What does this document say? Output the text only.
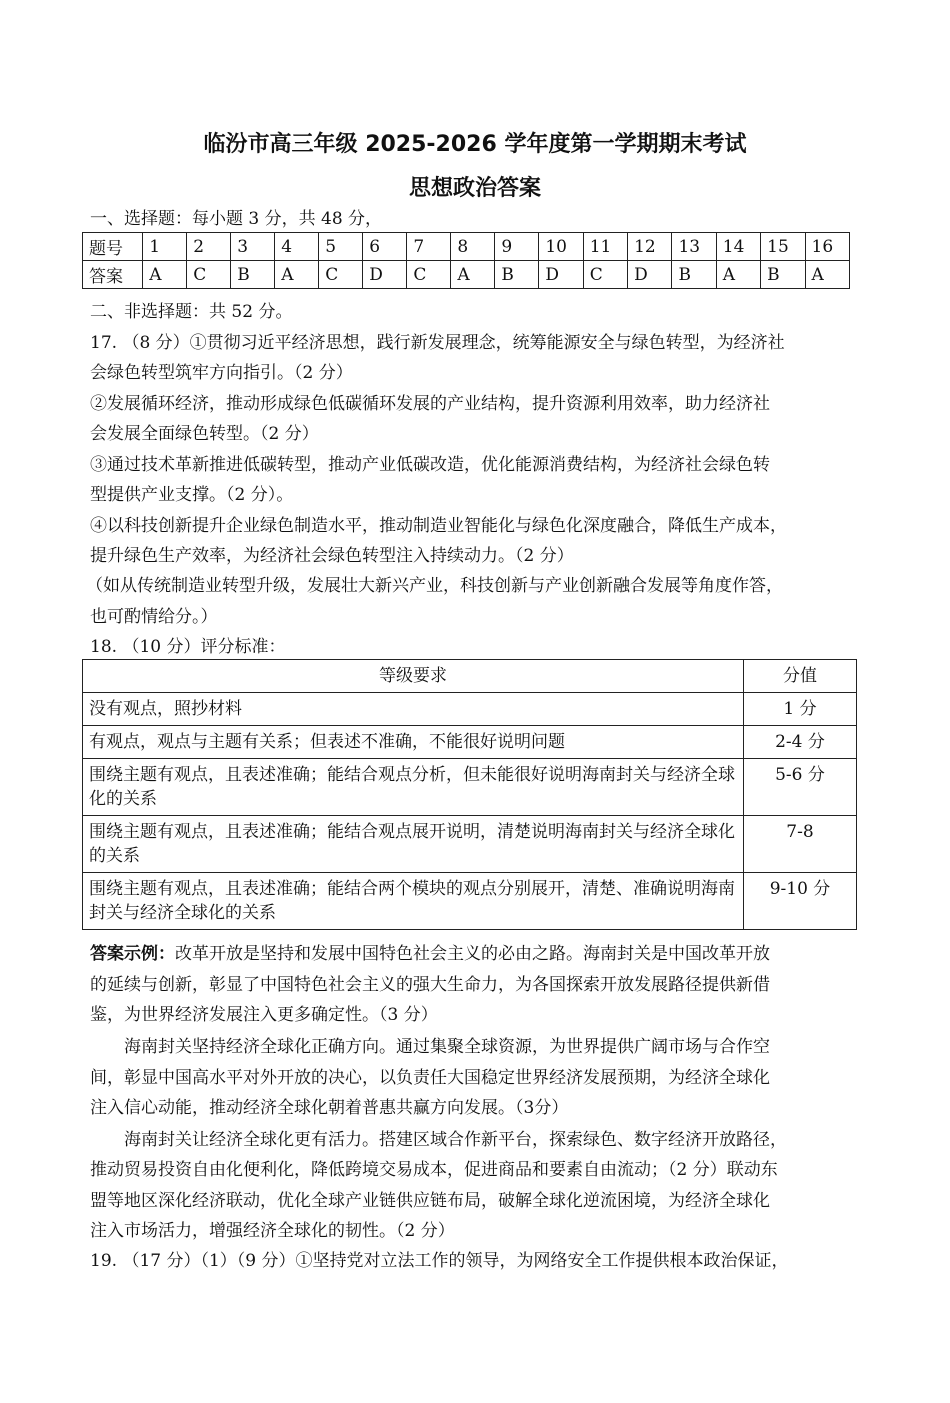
临汾市高三年级 2025-2026 学年度第一学期期末考试
思想政治答案
一、选择题：每小题 3 分，共 48 分，
题号	1	2	3	4	5	6	7	8	9	10	11	12	13	14	15	16
答案	A	C	B	A	C	D	C	A	B	D	C	D	B	A	B	A
二、非选择题：共 52 分。
17. （8 分）①贯彻习近平经济思想，践行新发展理念，统筹能源安全与绿色转型，为经济社
会绿色转型筑牢方向指引。（2 分）
②发展循环经济，推动形成绿色低碳循环发展的产业结构，提升资源利用效率，助力经济社
会发展全面绿色转型。（2 分）
③通过技术革新推进低碳转型，推动产业低碳改造，优化能源消费结构，为经济社会绿色转
型提供产业支撑。（2 分）。
④以科技创新提升企业绿色制造水平，推动制造业智能化与绿色化深度融合，降低生产成本，
提升绿色生产效率，为经济社会绿色转型注入持续动力。（2 分）
（如从传统制造业转型升级，发展壮大新兴产业，科技创新与产业创新融合发展等角度作答，
也可酌情给分。）
18. （10 分）评分标准：
等级要求	分值
没有观点，照抄材料	1 分
有观点，观点与主题有关系；但表述不准确，不能很好说明问题	2-4 分
围绕主题有观点，且表述准确；能结合观点分析，但未能很好说明海南封关与经济全球化的关系	5-6 分
围绕主题有观点，且表述准确；能结合观点展开说明，清楚说明海南封关与经济全球化的关系	7-8
围绕主题有观点，且表述准确；能结合两个模块的观点分别展开，清楚、准确说明海南封关与经济全球化的关系	9-10 分
答案示例：改革开放是坚持和发展中国特色社会主义的必由之路。海南封关是中国改革开放
的延续与创新，彰显了中国特色社会主义的强大生命力，为各国探索开放发展路径提供新借
鉴，为世界经济发展注入更多确定性。（3 分）
海南封关坚持经济全球化正确方向。通过集聚全球资源，为世界提供广阔市场与合作空
间，彰显中国高水平对外开放的决心，以负责任大国稳定世界经济发展预期，为经济全球化
注入信心动能，推动经济全球化朝着普惠共赢方向发展。（3分）
海南封关让经济全球化更有活力。搭建区域合作新平台，探索绿色、数字经济开放路径，
推动贸易投资自由化便利化，降低跨境交易成本，促进商品和要素自由流动；（2 分）联动东
盟等地区深化经济联动，优化全球产业链供应链布局，破解全球化逆流困境，为经济全球化
注入市场活力，增强经济全球化的韧性。（2 分）
19. （17 分）（1）（9 分）①坚持党对立法工作的领导，为网络安全工作提供根本政治保证，
